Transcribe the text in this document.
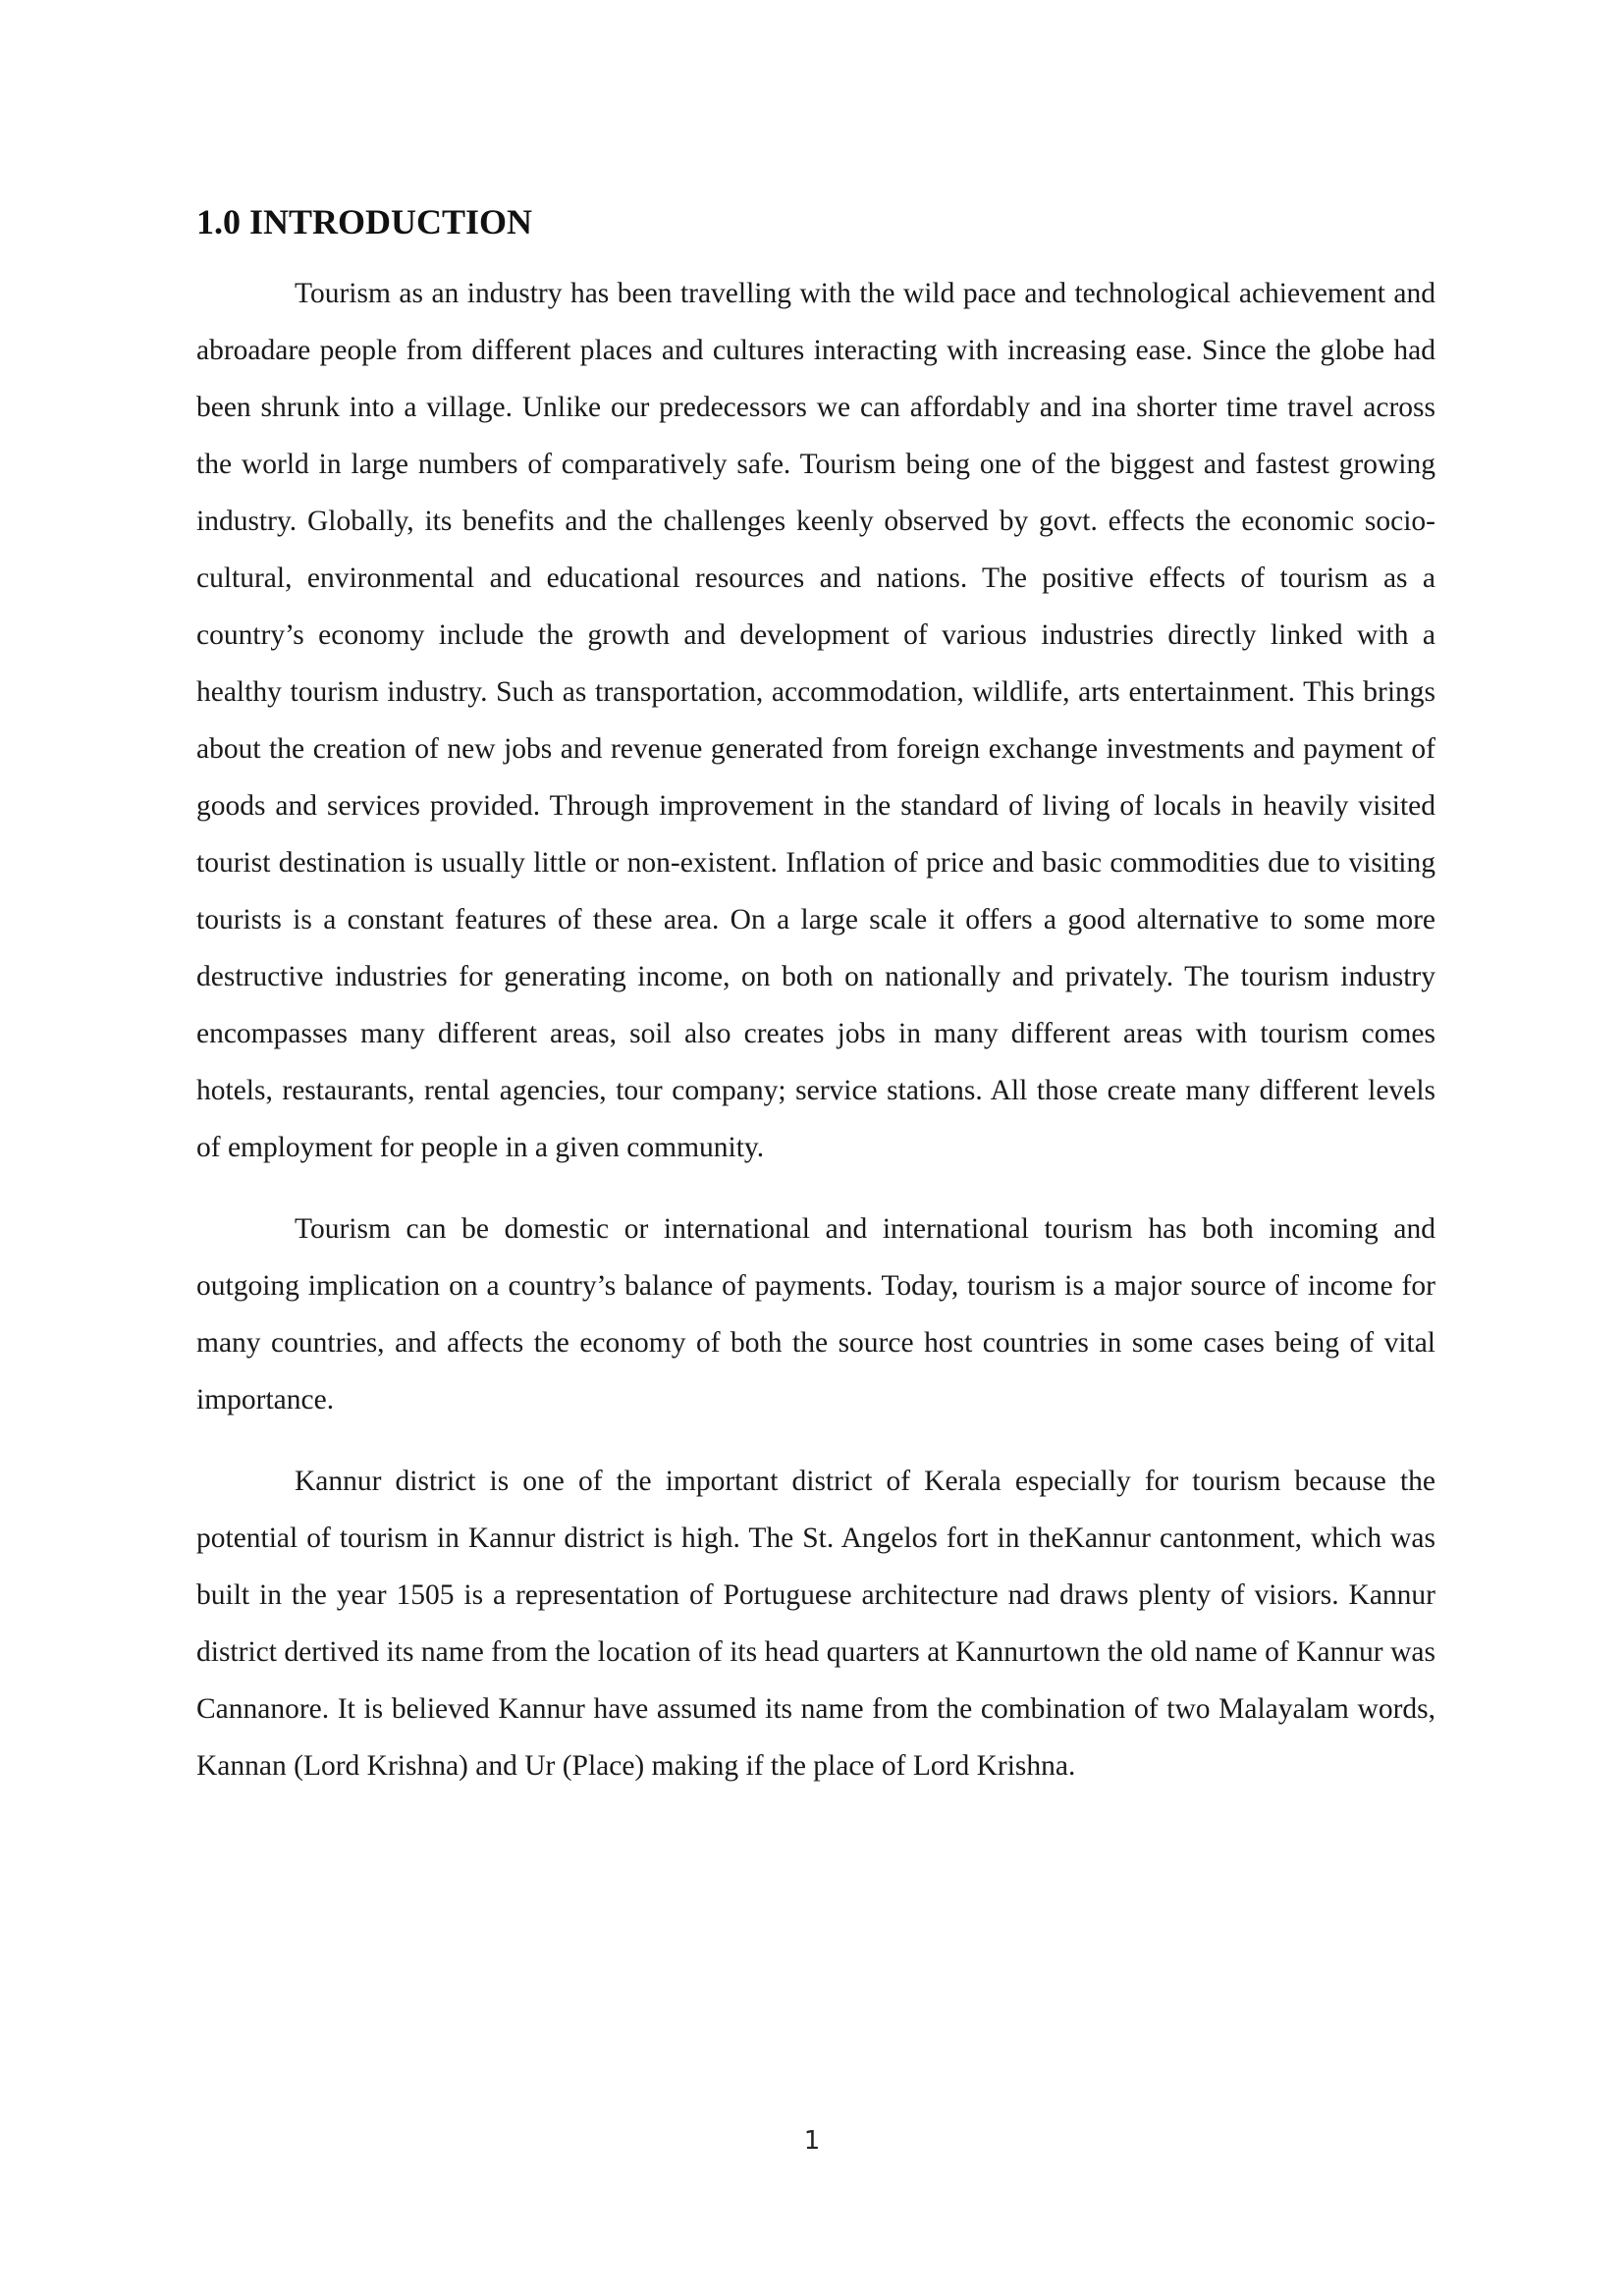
1.0 INTRODUCTION

Tourism as an industry has been travelling with the wild pace and technological achievement and abroadare people from different places and cultures interacting with increasing ease. Since the globe had been shrunk into a village. Unlike our predecessors we can affordably and ina shorter time travel across the world in large numbers of comparatively safe. Tourism being one of the biggest and fastest growing industry. Globally, its benefits and the challenges keenly observed by govt. effects the economic socio-cultural, environmental and educational resources and nations. The positive effects of tourism as a country’s economy include the growth and development of various industries directly linked with a healthy tourism industry. Such as transportation, accommodation, wildlife, arts entertainment. This brings about the creation of new jobs and revenue generated from foreign exchange investments and payment of goods and services provided. Through improvement in the standard of living of locals in heavily visited tourist destination is usually little or non-existent. Inflation of price and basic commodities due to visiting tourists is a constant features of these area. On a large scale it offers a good alternative to some more destructive industries for generating income, on both on nationally and privately. The tourism industry encompasses many different areas, soil also creates jobs in many different areas with tourism comes hotels, restaurants, rental agencies, tour company; service stations. All those create many different levels of employment for people in a given community.

Tourism can be domestic or international and international tourism has both incoming and outgoing implication on a country’s balance of payments. Today, tourism is a major source of income for many countries, and affects the economy of both the source host countries in some cases being of vital importance.

Kannur district is one of the important district of Kerala especially for tourism because the potential of tourism in Kannur district is high. The St. Angelos fort in theKannur cantonment, which was built in the year 1505 is a representation of Portuguese architecture nad draws plenty of visiors. Kannur district dertived its name from the location of its head quarters at Kannurtown the old name of Kannur was Cannanore. It is believed Kannur have assumed its name from the combination of two Malayalam words, Kannan (Lord Krishna) and Ur (Place) making if the place of Lord Krishna.

1
